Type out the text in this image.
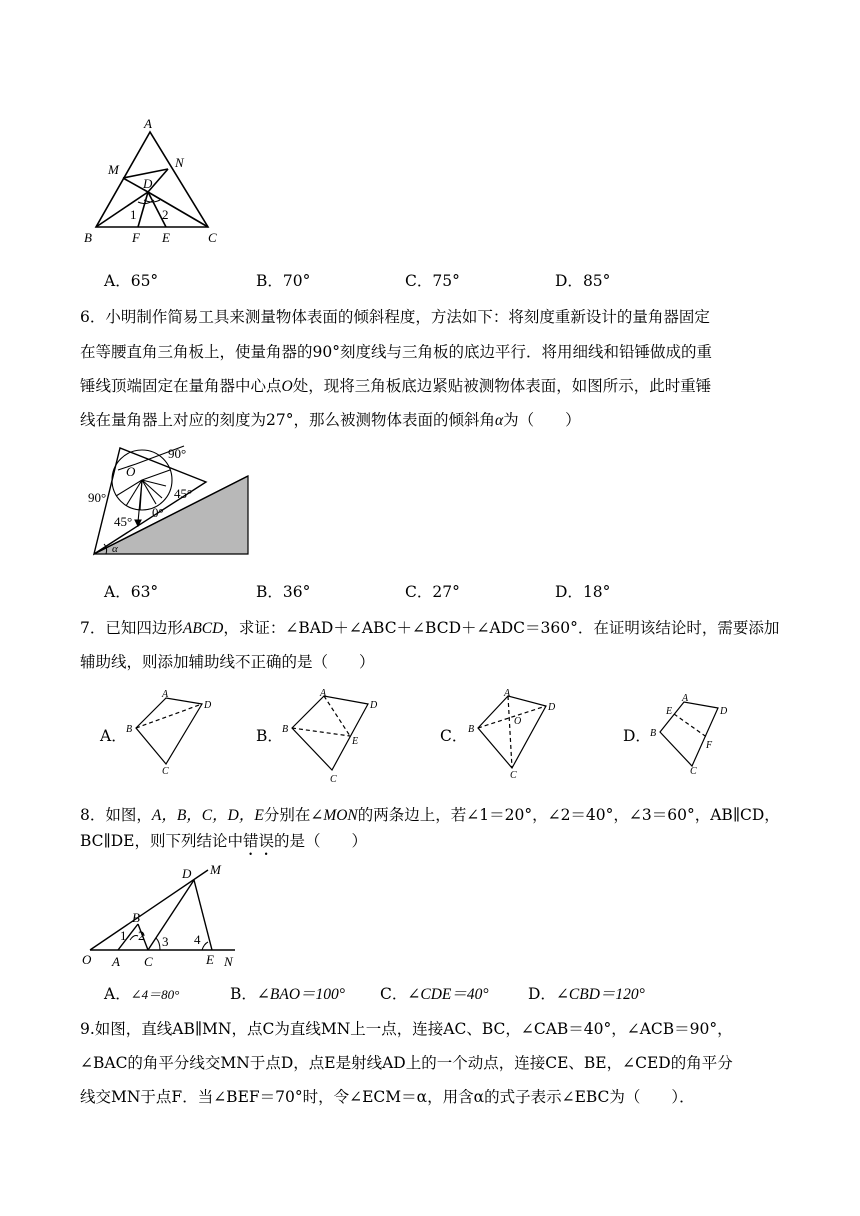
A
M	N
D
1 2
B	F E	C
A．65°	B．70°	C．75°	D．85°
6．小明制作简易工具来测量物体表面的倾斜程度，方法如下：将刻度重新设计的量角器固定
在等腰直角三角板上，使量角器的90°刻度线与三角板的底边平行．将用细线和铅锤做成的重
锤线顶端固定在量角器中心点O处，现将三角板底边紧贴被测物体表面，如图所示，此时重锤
线在量角器上对应的刻度为27°，那么被测物体表面的倾斜角α为（　　）
O
90°
90°	45°
0°
45°
α
A．63°	B．36°	C．27°	D．18°
7．已知四边形ABCD，求证：∠BAD＋∠ABC＋∠BCD＋∠ADC＝360°．在证明该结论时，需要添加
辅助线，则添加辅助线不正确的是（　　）
A．
A
B
D
C
B．
A
B
D
E
C
C．
A
B
D
O
C
D．
A
E	D
B
F
C
8．如图，A，B，C，D，E分别在∠MON的两条边上，若∠1＝20°，∠2＝40°，∠3＝60°，AB∥CD，
BC∥DE，则下列结论中错误的是（　　）
D M
B
1 2 3 4
O A C	E N
A．∠4＝80°	B．∠BAO＝100° C．∠CDE＝40°	D．∠CBD＝120°
9.如图，直线AB∥MN，点C为直线MN上一点，连接AC、BC，∠CAB＝40°，∠ACB＝90°，
∠BAC的角平分线交MN于点D，点E是射线AD上的一个动点，连接CE、BE，∠CED的角平分
线交MN于点F．当∠BEF＝70°时，令∠ECM＝α，用含α的式子表示∠EBC为（　　）．
